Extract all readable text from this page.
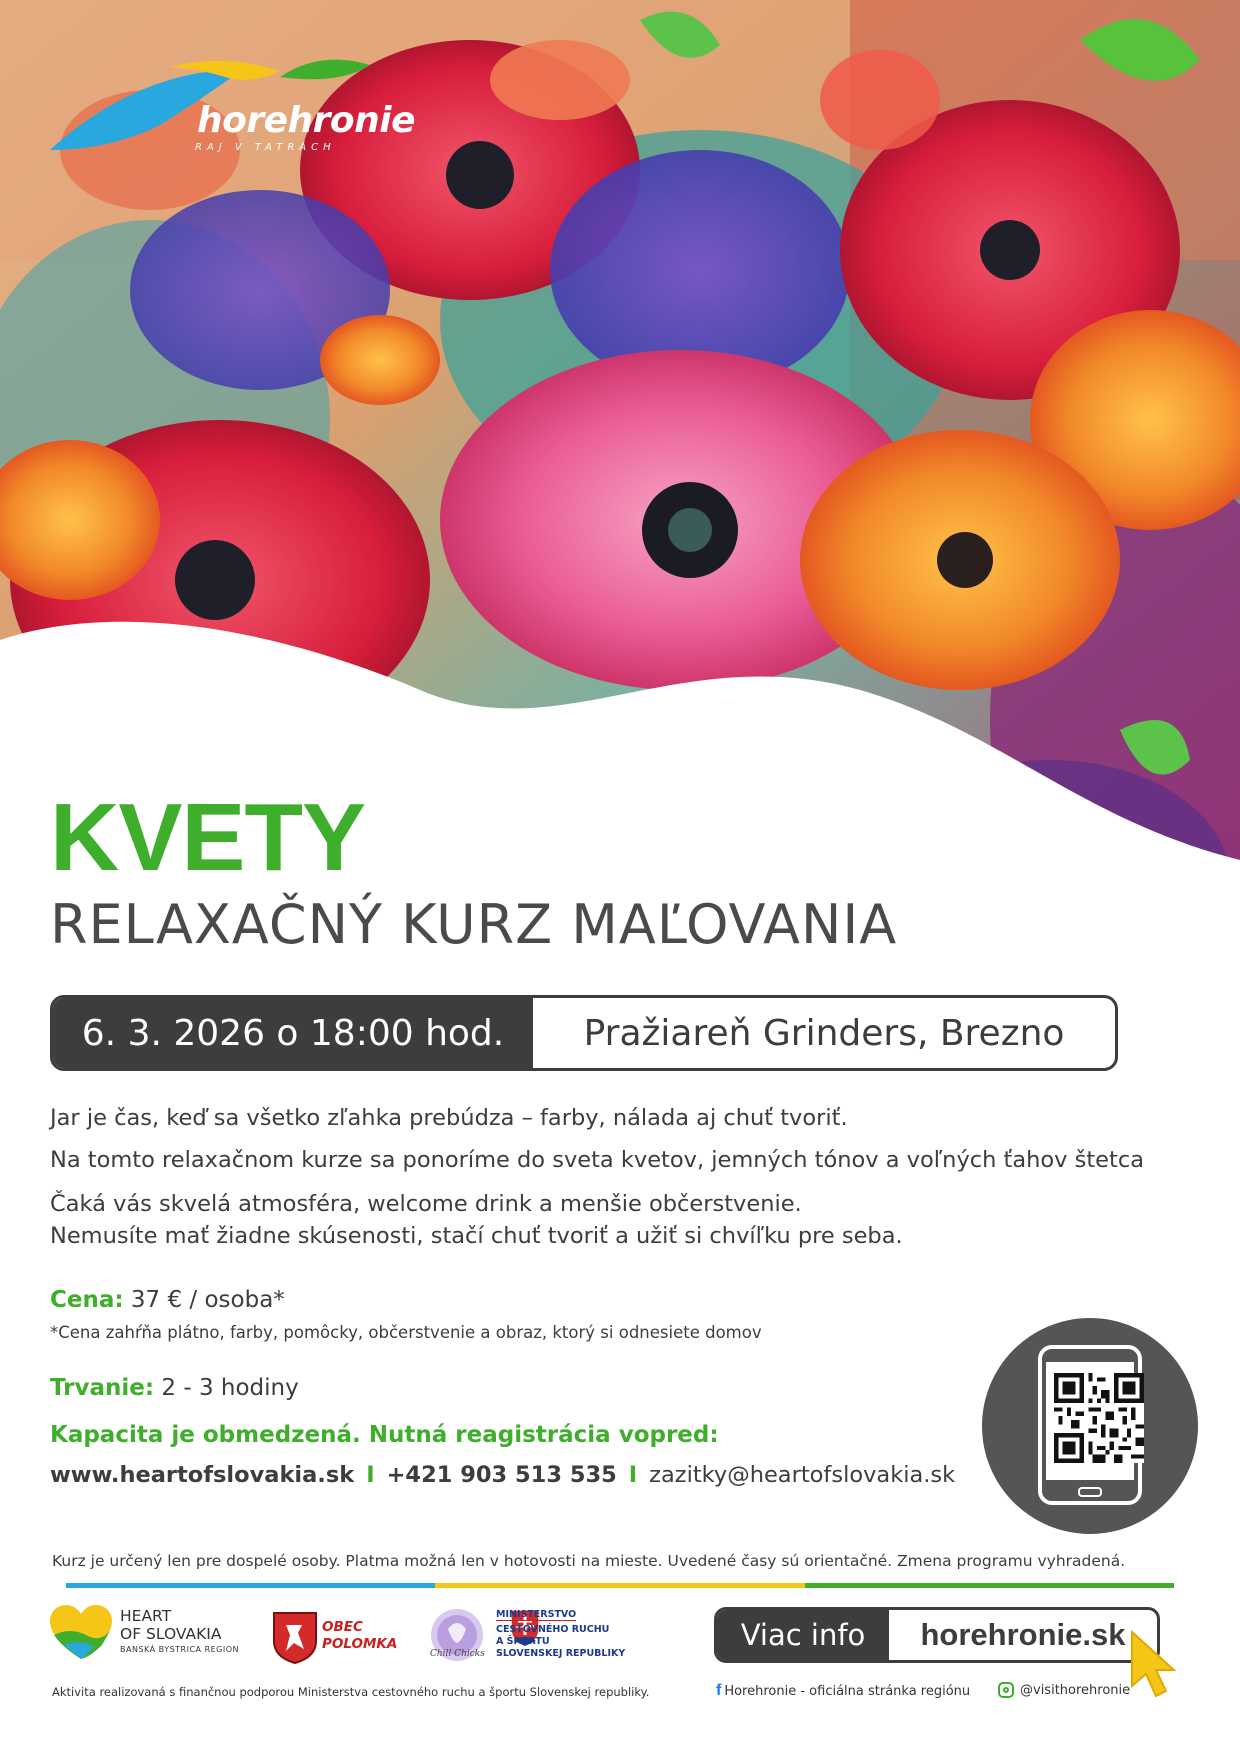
horehronie
RAJ V TATRÁCH
KVETY
RELAXAČNÝ KURZ MAĽOVANIA
6. 3. 2026 o 18:00 hod.	Pražiareň Grinders, Brezno
Jar je čas, keď sa všetko zľahka prebúdza – farby, nálada aj chuť tvoriť.
Na tomto relaxačnom kurze sa ponoríme do sveta kvetov, jemných tónov a voľných ťahov štetca
Čaká vás skvelá atmosféra, welcome drink a menšie občerstvenie.
Nemusíte mať žiadne skúsenosti, stačí chuť tvoriť a užiť si chvíľku pre seba.
Cena: 37 € / osoba*
*Cena zahŕňa plátno, farby, pomôcky, občerstvenie a obraz, ktorý si odnesiete domov
Trvanie: 2 - 3 hodiny
Kapacita je obmedzená. Nutná reagistrácia vopred:
www.heartofslovakia.sk I +421 903 513 535 I zazitky@heartofslovakia.sk
Kurz je určený len pre dospelé osoby. Platma možná len v hotovosti na mieste. Uvedené časy sú orientačné. Zmena programu vyhradená.
HEART
OF SLOVAKIA
BANSKÁ BYSTRICA REGION
OBEC
POLOMKA
Chill Chicks
MINISTERSTVO
CESTOVNÉHO RUCHU
A ŠPORTU
SLOVENSKEJ REPUBLIKY
Viac info	horehronie.sk
Aktivita realizovaná s finančnou podporou Ministerstva cestovného ruchu a športu Slovenskej republiky.	f Horehronie - oficiálna stránka regiónu	@visithorehronie
